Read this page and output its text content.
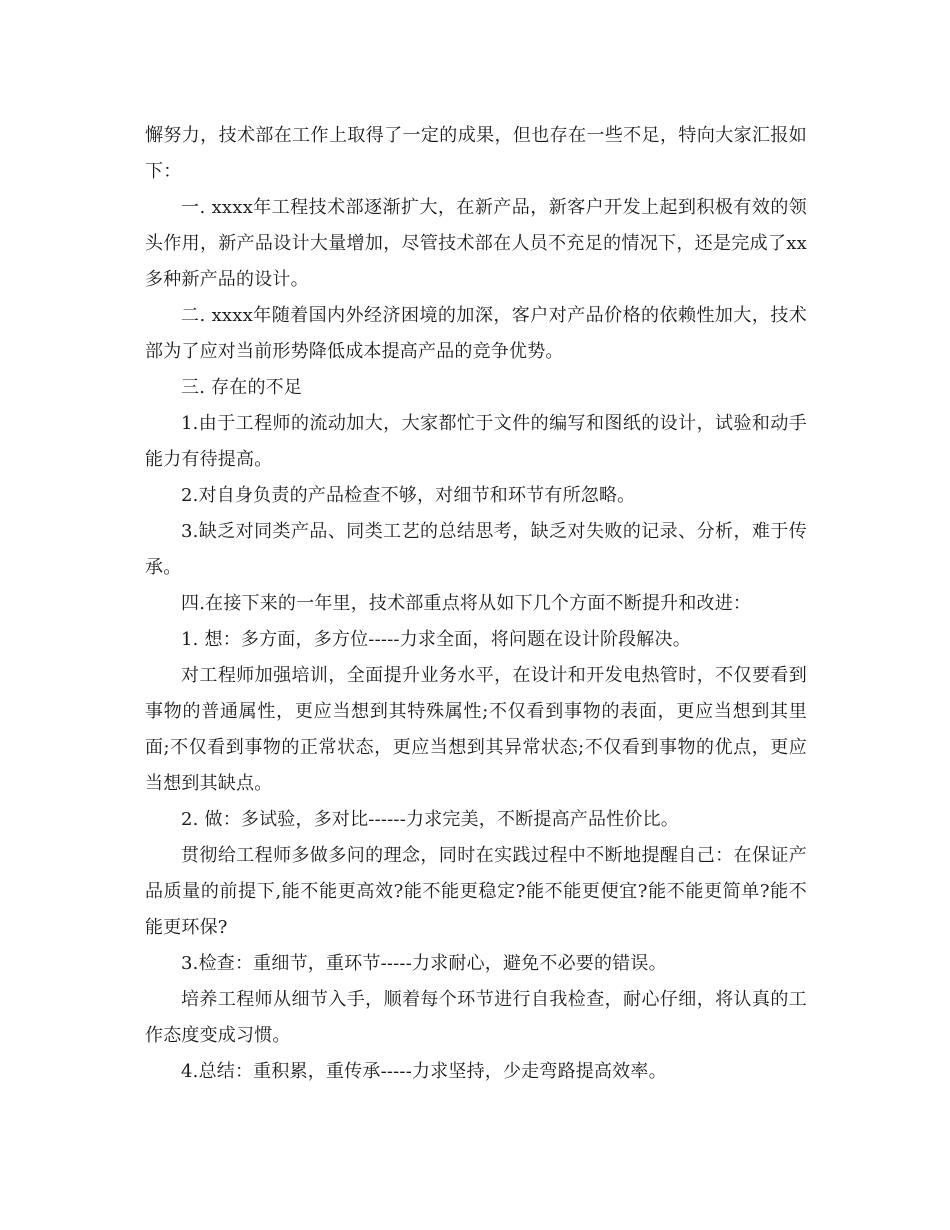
懈努力，技术部在工作上取得了一定的成果，但也存在一些不足，特向大家汇报如下：

一. xxxx年工程技术部逐渐扩大，在新产品，新客户开发上起到积极有效的领头作用，新产品设计大量增加，尽管技术部在人员不充足的情况下，还是完成了xx多种新产品的设计。

二. xxxx年随着国内外经济困境的加深，客户对产品价格的依赖性加大，技术部为了应对当前形势降低成本提高产品的竞争优势。

三. 存在的不足

1.由于工程师的流动加大，大家都忙于文件的编写和图纸的设计，试验和动手能力有待提高。

2.对自身负责的产品检查不够，对细节和环节有所忽略。

3.缺乏对同类产品、同类工艺的总结思考，缺乏对失败的记录、分析，难于传承。

四.在接下来的一年里，技术部重点将从如下几个方面不断提升和改进：

1. 想：多方面，多方位-----力求全面，将问题在设计阶段解决。

对工程师加强培训，全面提升业务水平，在设计和开发电热管时，不仅要看到事物的普通属性，更应当想到其特殊属性;不仅看到事物的表面，更应当想到其里面;不仅看到事物的正常状态，更应当想到其异常状态;不仅看到事物的优点，更应当想到其缺点。

2. 做：多试验，多对比------力求完美，不断提高产品性价比。

贯彻给工程师多做多问的理念，同时在实践过程中不断地提醒自己：在保证产品质量的前提下,能不能更高效?能不能更稳定?能不能更便宜?能不能更简单?能不能更环保?

3.检查：重细节，重环节-----力求耐心，避免不必要的错误。

培养工程师从细节入手，顺着每个环节进行自我检查，耐心仔细，将认真的工作态度变成习惯。

4.总结：重积累，重传承-----力求坚持，少走弯路提高效率。
